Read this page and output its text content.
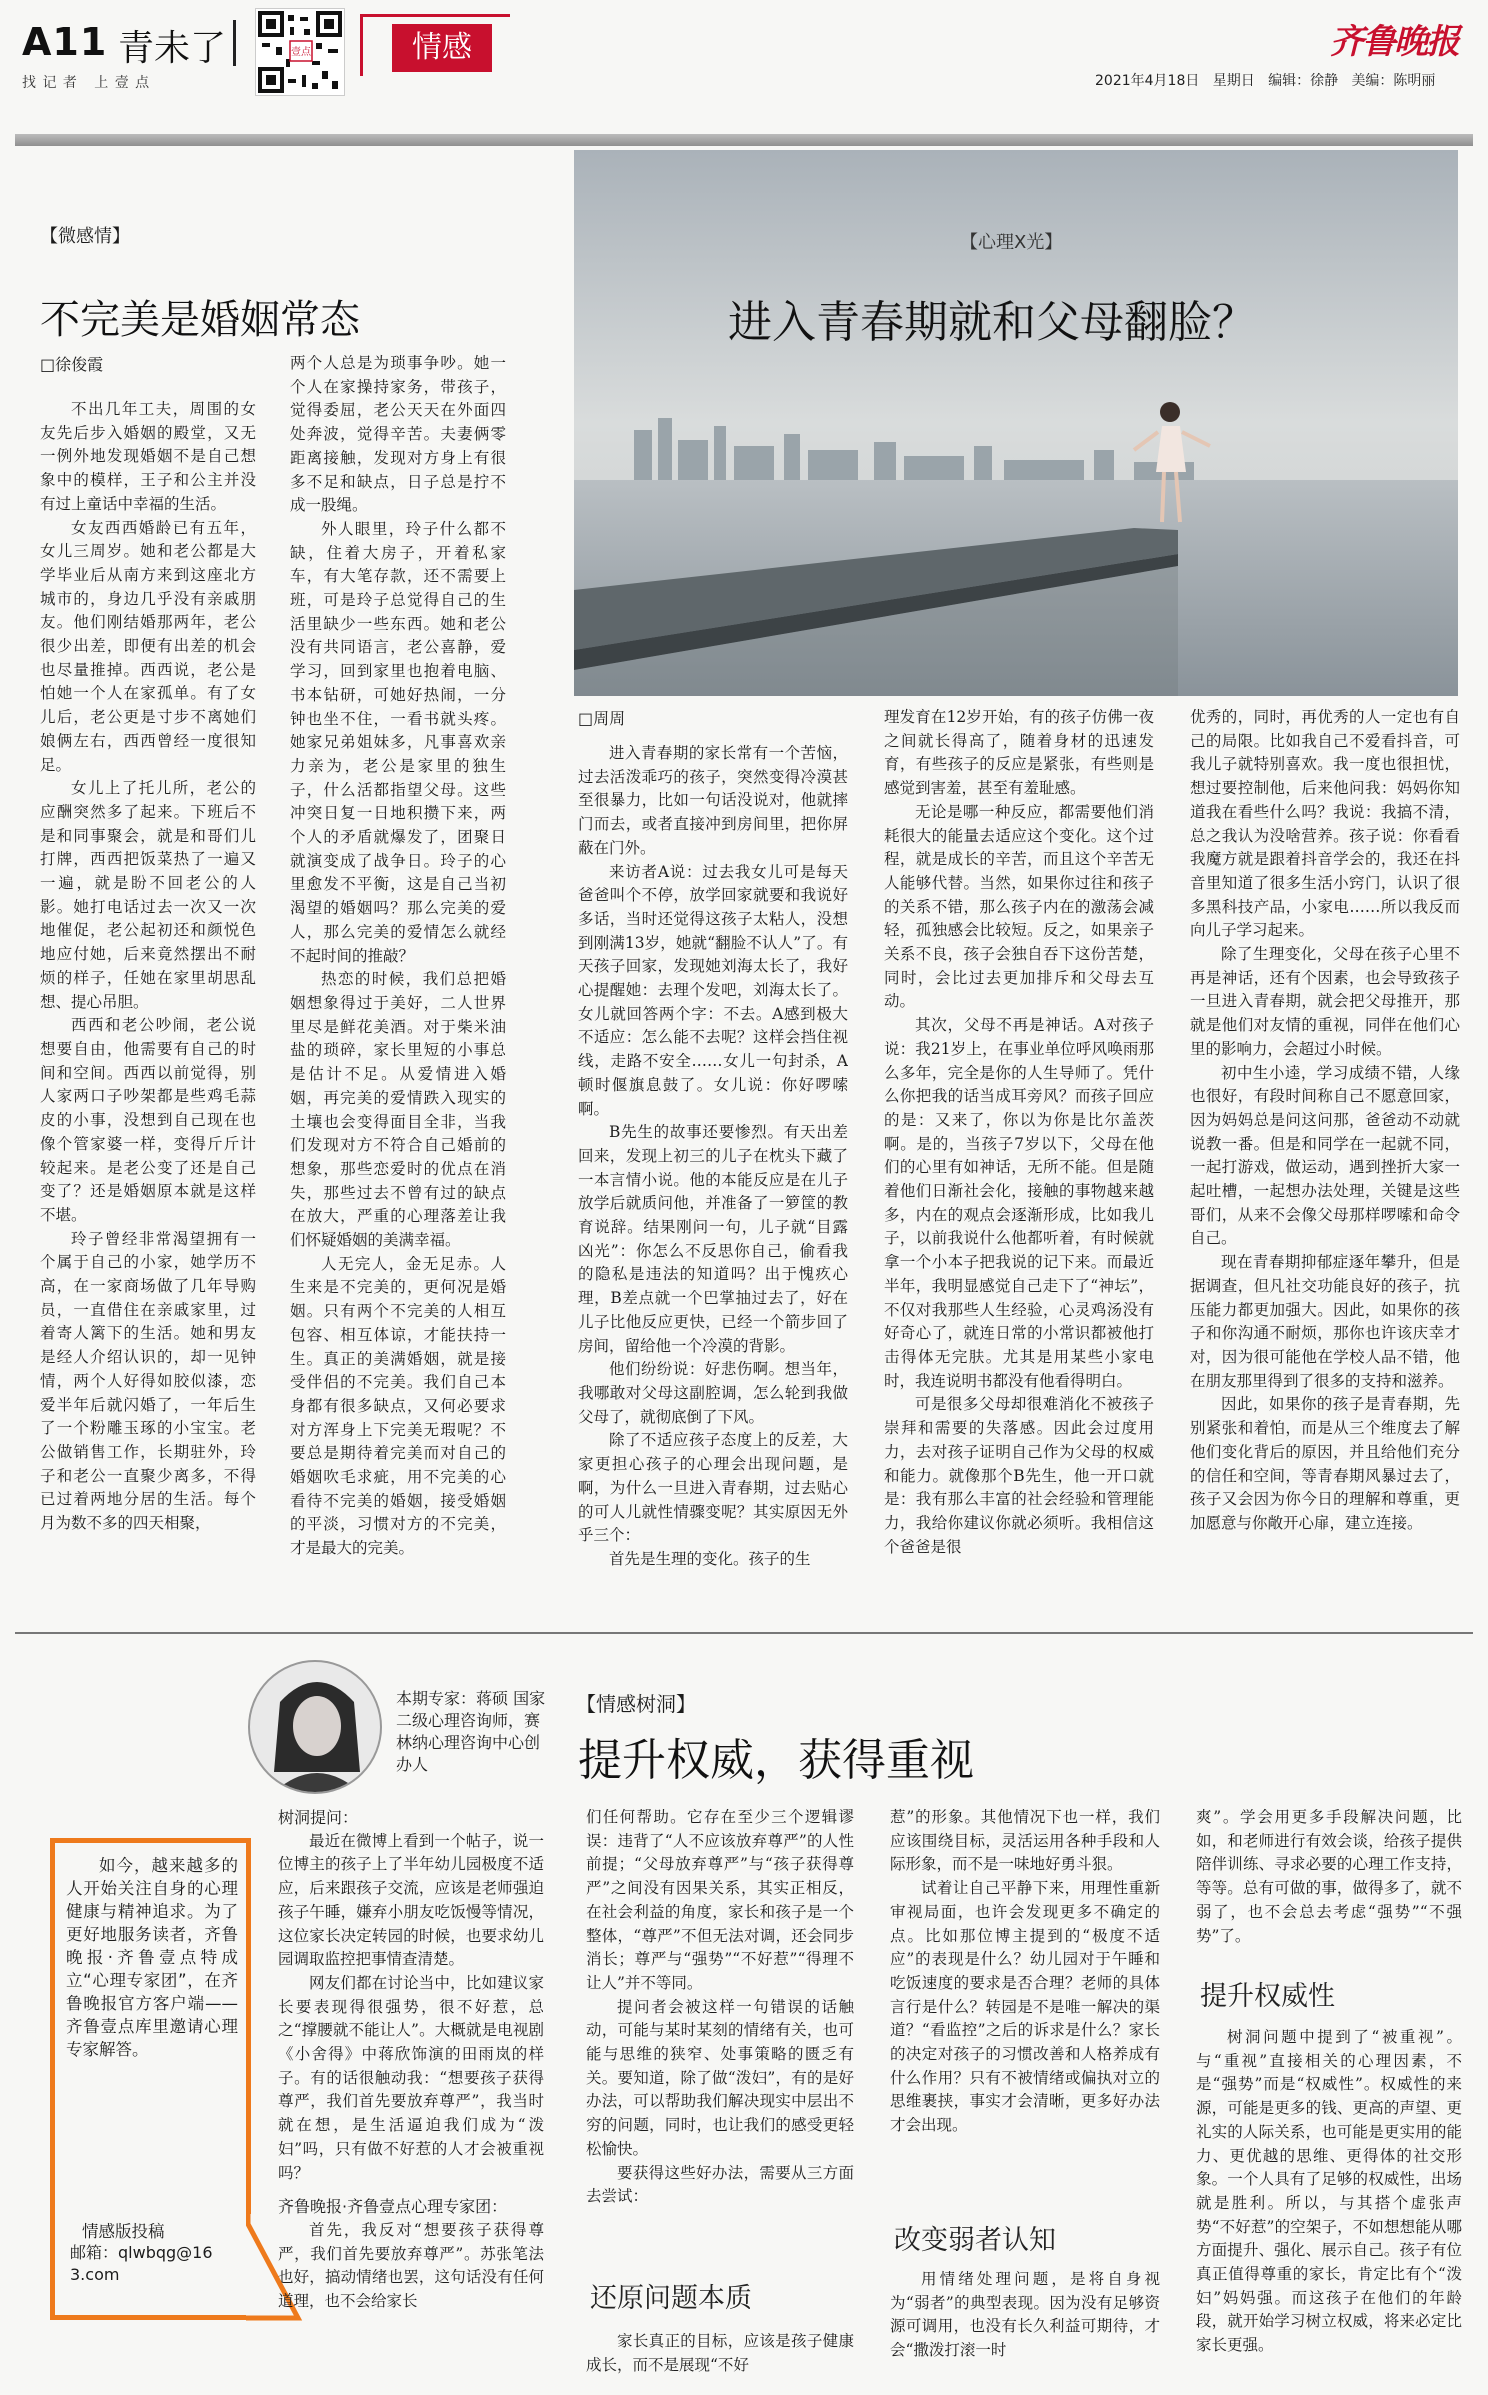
A11 青未了
找 记 者   上 壹 点
壹点	情感	齐鲁晚报
2021年4月18日 星期日 编辑：徐静 美编：陈明丽
【微感情】
不完美是婚姻常态
□徐俊霞

不出几年工夫，周围的女友先后步入婚姻的殿堂，又无一例外地发现婚姻不是自己想象中的模样，王子和公主并没有过上童话中幸福的生活。

女友西西婚龄已有五年，女儿三周岁。她和老公都是大学毕业后从南方来到这座北方城市的，身边几乎没有亲戚朋友。他们刚结婚那两年，老公很少出差，即便有出差的机会也尽量推掉。西西说，老公是怕她一个人在家孤单。有了女儿后，老公更是寸步不离她们娘俩左右，西西曾经一度很知足。

女儿上了托儿所，老公的应酬突然多了起来。下班后不是和同事聚会，就是和哥们儿打牌，西西把饭菜热了一遍又一遍，就是盼不回老公的人影。她打电话过去一次又一次地催促，老公起初还和颜悦色地应付她，后来竟然摆出不耐烦的样子，任她在家里胡思乱想、提心吊胆。

西西和老公吵闹，老公说想要自由，他需要有自己的时间和空间。西西以前觉得，别人家两口子吵架都是些鸡毛蒜皮的小事，没想到自己现在也像个管家婆一样，变得斤斤计较起来。是老公变了还是自己变了？还是婚姻原本就是这样不堪。

玲子曾经非常渴望拥有一个属于自己的小家，她学历不高，在一家商场做了几年导购员，一直借住在亲戚家里，过着寄人篱下的生活。她和男友是经人介绍认识的，却一见钟情，两个人好得如胶似漆，恋爱半年后就闪婚了，一年后生了一个粉雕玉琢的小宝宝。老公做销售工作，长期驻外，玲子和老公一直聚少离多，不得已过着两地分居的生活。每个月为数不多的四天相聚，

两个人总是为琐事争吵。她一个人在家操持家务，带孩子，觉得委屈，老公天天在外面四处奔波，觉得辛苦。夫妻俩零距离接触，发现对方身上有很多不足和缺点，日子总是拧不成一股绳。

外人眼里，玲子什么都不缺，住着大房子，开着私家车，有大笔存款，还不需要上班，可是玲子总觉得自己的生活里缺少一些东西。她和老公没有共同语言，老公喜静，爱学习，回到家里也抱着电脑、书本钻研，可她好热闹，一分钟也坐不住，一看书就头疼。她家兄弟姐妹多，凡事喜欢亲力亲为，老公是家里的独生子，什么活都指望父母。这些冲突日复一日地积攒下来，两个人的矛盾就爆发了，团聚日就演变成了战争日。玲子的心里愈发不平衡，这是自己当初渴望的婚姻吗？那么完美的爱人，那么完美的爱情怎么就经不起时间的推敲？

热恋的时候，我们总把婚姻想象得过于美好，二人世界里尽是鲜花美酒。对于柴米油盐的琐碎，家长里短的小事总是估计不足。从爱情进入婚姻，再完美的爱情跌入现实的土壤也会变得面目全非，当我们发现对方不符合自己婚前的想象，那些恋爱时的优点在消失，那些过去不曾有过的缺点在放大，严重的心理落差让我们怀疑婚姻的美满幸福。

人无完人，金无足赤。人生来是不完美的，更何况是婚姻。只有两个不完美的人相互包容、相互体谅，才能扶持一生。真正的美满婚姻，就是接受伴侣的不完美。我们自己本身都有很多缺点，又何必要求对方浑身上下完美无瑕呢？不要总是期待着完美而对自己的婚姻吹毛求疵，用不完美的心看待不完美的婚姻，接受婚姻的平淡，习惯对方的不完美，才是最大的完美。

【心理X光】
进入青春期就和父母翻脸？
□周周

进入青春期的家长常有一个苦恼，过去活泼乖巧的孩子，突然变得冷漠甚至很暴力，比如一句话没说对，他就摔门而去，或者直接冲到房间里，把你屏蔽在门外。

来访者A说：过去我女儿可是每天爸爸叫个不停，放学回家就要和我说好多话，当时还觉得这孩子太粘人，没想到刚满13岁，她就“翻脸不认人”了。有天孩子回家，发现她刘海太长了，我好心提醒她：去理个发吧，刘海太长了。女儿就回答两个字：不去。A感到极大不适应：怎么能不去呢？这样会挡住视线，走路不安全……女儿一句封杀，A顿时偃旗息鼓了。女儿说：你好啰嗦啊。

B先生的故事还要惨烈。有天出差回来，发现上初三的儿子在枕头下藏了一本言情小说。他的本能反应是在儿子放学后就质问他，并准备了一箩筐的教育说辞。结果刚问一句，儿子就“目露凶光”：你怎么不反思你自己，偷看我的隐私是违法的知道吗？出于愧疚心理，B差点就一个巴掌抽过去了，好在儿子比他反应更快，已经一个箭步回了房间，留给他一个冷漠的背影。

他们纷纷说：好悲伤啊。想当年，我哪敢对父母这副腔调，怎么轮到我做父母了，就彻底倒了下风。

除了不适应孩子态度上的反差，大家更担心孩子的心理会出现问题，是啊，为什么一旦进入青春期，过去贴心的可人儿就性情骤变呢？其实原因无外乎三个：

首先是生理的变化。孩子的生

理发育在12岁开始，有的孩子仿佛一夜之间就长得高了，随着身材的迅速发育，有些孩子的反应是紧张，有些则是感觉到害羞，甚至有羞耻感。

无论是哪一种反应，都需要他们消耗很大的能量去适应这个变化。这个过程，就是成长的辛苦，而且这个辛苦无人能够代替。当然，如果你过往和孩子的关系不错，那么孩子内在的激荡会减轻，孤独感会比较短。反之，如果亲子关系不良，孩子会独自吞下这份苦楚，同时，会比过去更加排斥和父母去互动。

其次，父母不再是神话。A对孩子说：我21岁上，在事业单位呼风唤雨那么多年，完全是你的人生导师了。凭什么你把我的话当成耳旁风？而孩子回应的是：又来了，你以为你是比尔盖茨啊。是的，当孩子7岁以下，父母在他们的心里有如神话，无所不能。但是随着他们日渐社会化，接触的事物越来越多，内在的观点会逐渐形成，比如我儿子，以前我说什么他都听着，有时候就拿一个小本子把我说的记下来。而最近半年，我明显感觉自己走下了“神坛”，不仅对我那些人生经验，心灵鸡汤没有好奇心了，就连日常的小常识都被他打击得体无完肤。尤其是用某些小家电时，我连说明书都没有他看得明白。

可是很多父母却很难消化不被孩子崇拜和需要的失落感。因此会过度用力，去对孩子证明自己作为父母的权威和能力。就像那个B先生，他一开口就是：我有那么丰富的社会经验和管理能力，我给你建议你就必须听。我相信这个爸爸是很

优秀的，同时，再优秀的人一定也有自己的局限。比如我自己不爱看抖音，可我儿子就特别喜欢。我一度也很担忧，想过要控制他，后来他问我：妈妈你知道我在看些什么吗？我说：我搞不清，总之我认为没啥营养。孩子说：你看看我魔方就是跟着抖音学会的，我还在抖音里知道了很多生活小窍门，认识了很多黑科技产品，小家电……所以我反而向儿子学习起来。

除了生理变化，父母在孩子心里不再是神话，还有个因素，也会导致孩子一旦进入青春期，就会把父母推开，那就是他们对友情的重视，同伴在他们心里的影响力，会超过小时候。

初中生小逵，学习成绩不错，人缘也很好，有段时间称自己不愿意回家，因为妈妈总是问这问那，爸爸动不动就说教一番。但是和同学在一起就不同，一起打游戏，做运动，遇到挫折大家一起吐槽，一起想办法处理，关键是这些哥们，从来不会像父母那样啰嗦和命令自己。

现在青春期抑郁症逐年攀升，但是据调查，但凡社交功能良好的孩子，抗压能力都更加强大。因此，如果你的孩子和你沟通不耐烦，那你也许该庆幸才对，因为很可能他在学校人品不错，他在朋友那里得到了很多的支持和滋养。

因此，如果你的孩子是青春期，先别紧张和着怕，而是从三个维度去了解他们变化背后的原因，并且给他们充分的信任和空间，等青春期风暴过去了，孩子又会因为你今日的理解和尊重，更加愿意与你敞开心扉，建立连接。

本期专家：蒋硕 国家二级心理咨询师，赛林纳心理咨询中心创办人
如今，越来越多的人开始关注自身的心理健康与精神追求。为了更好地服务读者，齐鲁晚报·齐鲁壹点特成立“心理专家团”，在齐鲁晚报官方客户端——齐鲁壹点库里邀请心理专家解答。
情感版投稿
邮箱：qlwbqg@163.com
【情感树洞】
提升权威，获得重视

树洞提问：

最近在微博上看到一个帖子，说一位博主的孩子上了半年幼儿园极度不适应，后来跟孩子交流，应该是老师强迫孩子午睡，嫌弃小朋友吃饭慢等情况，这位家长决定转园的时候，也要求幼儿园调取监控把事情查清楚。

网友们都在讨论当中，比如建议家长要表现得很强势，很不好惹，总之“撑腰就不能让人”。大概就是电视剧《小舍得》中蒋欣饰演的田雨岚的样子。有的话很触动我：“想要孩子获得尊严，我们首先要放弃尊严”，我当时就在想，是生活逼迫我们成为“泼妇”吗，只有做不好惹的人才会被重视吗？

齐鲁晚报·齐鲁壹点心理专家团：

首先，我反对“想要孩子获得尊严，我们首先要放弃尊严”。苏张笔法也好，搞动情绪也罢，这句话没有任何道理，也不会给家长

们任何帮助。它存在至少三个逻辑谬误：违背了“人不应该放弃尊严”的人性前提；“父母放弃尊严”与“孩子获得尊严”之间没有因果关系，其实正相反，在社会利益的角度，家长和孩子是一个整体，“尊严”不但无法对调，还会同步消长；尊严与“强势”“不好惹”“得理不让人”并不等同。

提问者会被这样一句错误的话触动，可能与某时某刻的情绪有关，也可能与思维的狭窄、处事策略的匮乏有关。要知道，除了做“泼妇”，有的是好办法，可以帮助我们解决现实中层出不穷的问题，同时，也让我们的感受更轻松愉快。

要获得这些好办法，需要从三方面去尝试：

还原问题本质

家长真正的目标，应该是孩子健康成长，而不是展现“不好

惹”的形象。其他情况下也一样，我们应该围绕目标，灵活运用各种手段和人际形象，而不是一味地好勇斗狠。

试着让自己平静下来，用理性重新审视局面，也许会发现更多不确定的点。比如那位博主提到的“极度不适应”的表现是什么？幼儿园对于午睡和吃饭速度的要求是否合理？老师的具体言行是什么？转园是不是唯一解决的渠道？“看监控”之后的诉求是什么？家长的决定对孩子的习惯改善和人格养成有什么作用？只有不被情绪或偏执对立的思维裹挟，事实才会清晰，更多好办法才会出现。

改变弱者认知

用情绪处理问题，是将自身视为“弱者”的典型表现。因为没有足够资源可调用，也没有长久利益可期待，才会“撒泼打滚一时

爽”。学会用更多手段解决问题，比如，和老师进行有效会谈，给孩子提供陪伴训练、寻求必要的心理工作支持，等等。总有可做的事，做得多了，就不弱了，也不会总去考虑“强势”“不强势”了。

提升权威性

树洞问题中提到了“被重视”。与“重视”直接相关的心理因素，不是“强势”而是“权威性”。权威性的来源，可能是更多的钱、更高的声望、更礼实的人际关系，也可能是更实用的能力、更优越的思维、更得体的社交形象。一个人具有了足够的权威性，出场就是胜利。所以，与其搭个虚张声势“不好惹”的空架子，不如想想能从哪方面提升、强化、展示自己。孩子有位真正值得尊重的家长，肯定比有个“泼妇”妈妈强。而这孩子在他们的年龄段，就开始学习树立权威，将来必定比家长更强。
